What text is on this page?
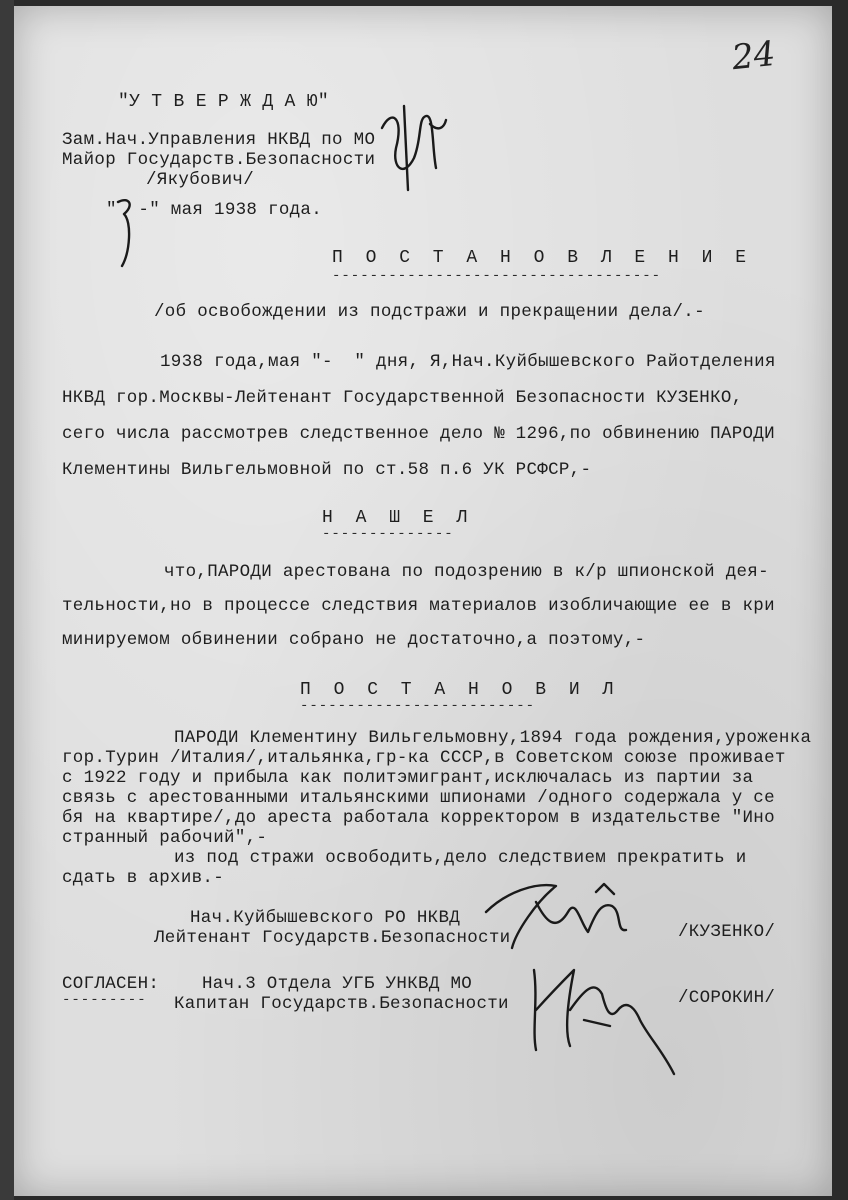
24
"У Т В Е Р Ж Д А Ю"
Зам.Нач.Управления НКВД по МО
Майор Государств.Безопасности
/Якубович/
"  -" мая 1938 года.
П О С Т А Н О В Л Е Н И Е
-----------------------------------
/об освобождении из подстражи и прекращении дела/.-
1938 года,мая "-  " дня, Я,Нач.Куйбышевского Райотделения
НКВД гор.Москвы-Лейтенант Государственной Безопасности КУЗЕНКО,
сего числа рассмотрев следственное дело № 1296,по обвинению ПАРОДИ
Клементины Вильгельмовной по ст.58 п.6 УК РСФСР,-
Н А Ш Е Л
--------------
что,ПАРОДИ арестована по подозрению в к/р шпионской дея-
тельности,но в процессе следствия материалов изобличающие ее в кри
минируемом обвинении собрано не достаточно,а поэтому,-
П О С Т А Н О В И Л
-------------------------
ПАРОДИ Клементину Вильгельмовну,1894 года рождения,уроженка
гор.Турин /Италия/,итальянка,гр-ка СССР,в Советском союзе проживает
с 1922 году и прибыла как политэмигрант,исключалась из партии за
связь с арестованными итальянскими шпионами /одного содержала у се
бя на квартире/,до ареста работала корректором в издательстве "Ино
странный рабочий",-
из под стражи освободить,дело следствием прекратить и
сдать в архив.-
Нач.Куйбышевского РО НКВД
Лейтенант Государств.Безопасности	/КУЗЕНКО/
СОГЛАСЕН:
---------
Нач.3 Отдела УГБ УНКВД МО
Капитан Государств.Безопасности	/СОРОКИН/
